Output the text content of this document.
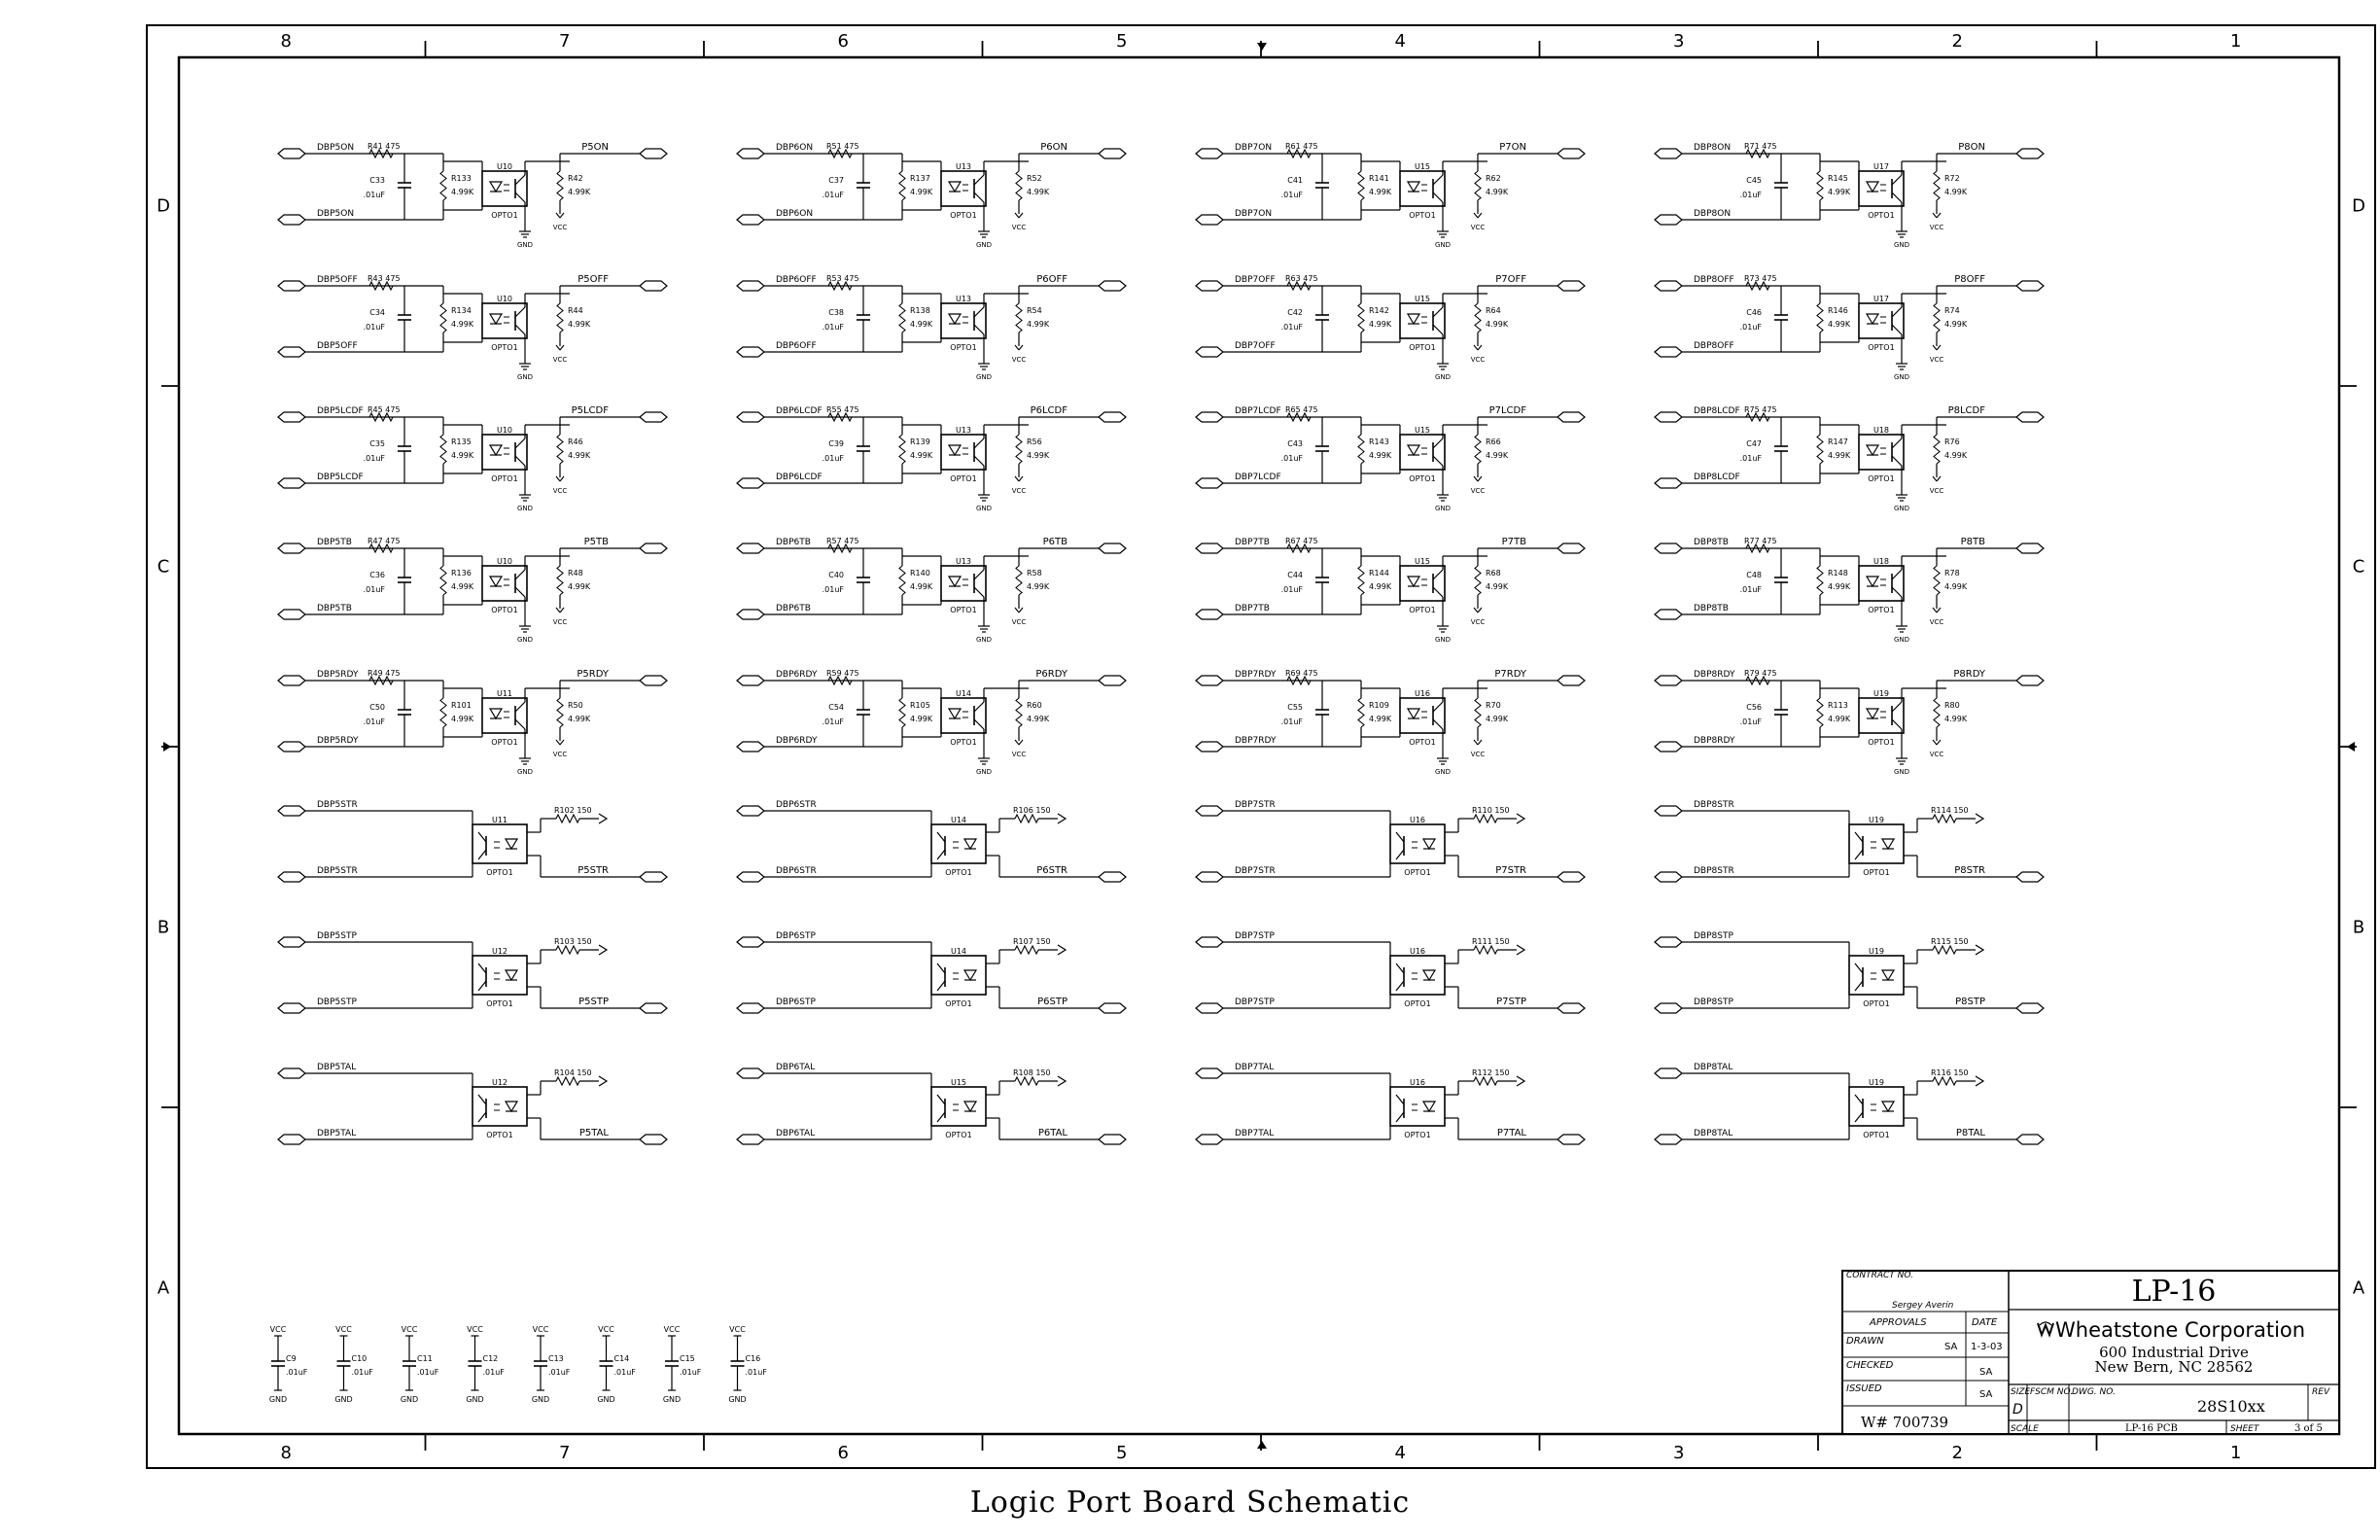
8
8
7
7
6
6
5
5
4
4
3
3
2
2
1
1
D	D
C	C
B	B
A	A
DBP5ON
DBP5ON
R41 475
C33
.01uF
R133
4.99K
U10
OPTO1
GND
VCC
R42
4.99K
P5ON
DBP5OFF
DBP5OFF
R43 475
C34
.01uF
R134
4.99K
U10
OPTO1
GND
VCC
R44
4.99K
P5OFF
DBP5LCDF
DBP5LCDF
R45 475
C35
.01uF
R135
4.99K
U10
OPTO1
GND
VCC
R46
4.99K
P5LCDF
DBP5TB
DBP5TB
R47 475
C36
.01uF
R136
4.99K
U10
OPTO1
GND
VCC
R48
4.99K
P5TB
DBP5RDY
DBP5RDY
R49 475
C50
.01uF
R101
4.99K
U11
OPTO1
GND
VCC
R50
4.99K
P5RDY
DBP5STR
DBP5STR
U11
OPTO1
R102 150
P5STR
DBP5STP
DBP5STP
U12
OPTO1
R103 150
P5STP
DBP5TAL
DBP5TAL
U12
OPTO1
R104 150
P5TAL
DBP6ON
DBP6ON
R51 475
C37
.01uF
R137
4.99K
U13
OPTO1
GND
VCC
R52
4.99K
P6ON
DBP6OFF
DBP6OFF
R53 475
C38
.01uF
R138
4.99K
U13
OPTO1
GND
VCC
R54
4.99K
P6OFF
DBP6LCDF
DBP6LCDF
R55 475
C39
.01uF
R139
4.99K
U13
OPTO1
GND
VCC
R56
4.99K
P6LCDF
DBP6TB
DBP6TB
R57 475
C40
.01uF
R140
4.99K
U13
OPTO1
GND
VCC
R58
4.99K
P6TB
DBP6RDY
DBP6RDY
R59 475
C54
.01uF
R105
4.99K
U14
OPTO1
GND
VCC
R60
4.99K
P6RDY
DBP6STR
DBP6STR
U14
OPTO1
R106 150
P6STR
DBP6STP
DBP6STP
U14
OPTO1
R107 150
P6STP
DBP6TAL
DBP6TAL
U15
OPTO1
R108 150
P6TAL
DBP7ON
DBP7ON
R61 475
C41
.01uF
R141
4.99K
U15
OPTO1
GND
VCC
R62
4.99K
P7ON
DBP7OFF
DBP7OFF
R63 475
C42
.01uF
R142
4.99K
U15
OPTO1
GND
VCC
R64
4.99K
P7OFF
DBP7LCDF
DBP7LCDF
R65 475
C43
.01uF
R143
4.99K
U15
OPTO1
GND
VCC
R66
4.99K
P7LCDF
DBP7TB
DBP7TB
R67 475
C44
.01uF
R144
4.99K
U15
OPTO1
GND
VCC
R68
4.99K
P7TB
DBP7RDY
DBP7RDY
R69 475
C55
.01uF
R109
4.99K
U16
OPTO1
GND
VCC
R70
4.99K
P7RDY
DBP7STR
DBP7STR
U16
OPTO1
R110 150
P7STR
DBP7STP
DBP7STP
U16
OPTO1
R111 150
P7STP
DBP7TAL
DBP7TAL
U16
OPTO1
R112 150
P7TAL
DBP8ON
DBP8ON
R71 475
C45
.01uF
R145
4.99K
U17
OPTO1
GND
VCC
R72
4.99K
P8ON
DBP8OFF
DBP8OFF
R73 475
C46
.01uF
R146
4.99K
U17
OPTO1
GND
VCC
R74
4.99K
P8OFF
DBP8LCDF
DBP8LCDF
R75 475
C47
.01uF
R147
4.99K
U18
OPTO1
GND
VCC
R76
4.99K
P8LCDF
DBP8TB
DBP8TB
R77 475
C48
.01uF
R148
4.99K
U18
OPTO1
GND
VCC
R78
4.99K
P8TB
DBP8RDY
DBP8RDY
R79 475
C56
.01uF
R113
4.99K
U19
OPTO1
GND
VCC
R80
4.99K
P8RDY
DBP8STR
DBP8STR
U19
OPTO1
R114 150
P8STR
DBP8STP
DBP8STP
U19
OPTO1
R115 150
P8STP
DBP8TAL
DBP8TAL
U19
OPTO1
R116 150
P8TAL
VCC
C9
.01uF
GND
VCC
C10
.01uF
GND
VCC
C11
.01uF
GND
VCC
C12
.01uF
GND
VCC
C13
.01uF
GND
VCC
C14
.01uF
GND
VCC
C15
.01uF
GND
VCC
C16
.01uF
GND
CONTRACT NO.
Sergey Averin
APPROVALS	DATE
DRAWN
SA 1-3-03
CHECKED
SA
ISSUED
SA
W# 700739
LP-16
Wheatstone Corporation
600 Industrial Drive
New Bern, NC 28562
SIZE
D
FSCM NO.
DWG. NO.
28S10xx
REV
SCALE	LP-16 PCB	SHEET	3 of 5
Logic Port Board Schematic
